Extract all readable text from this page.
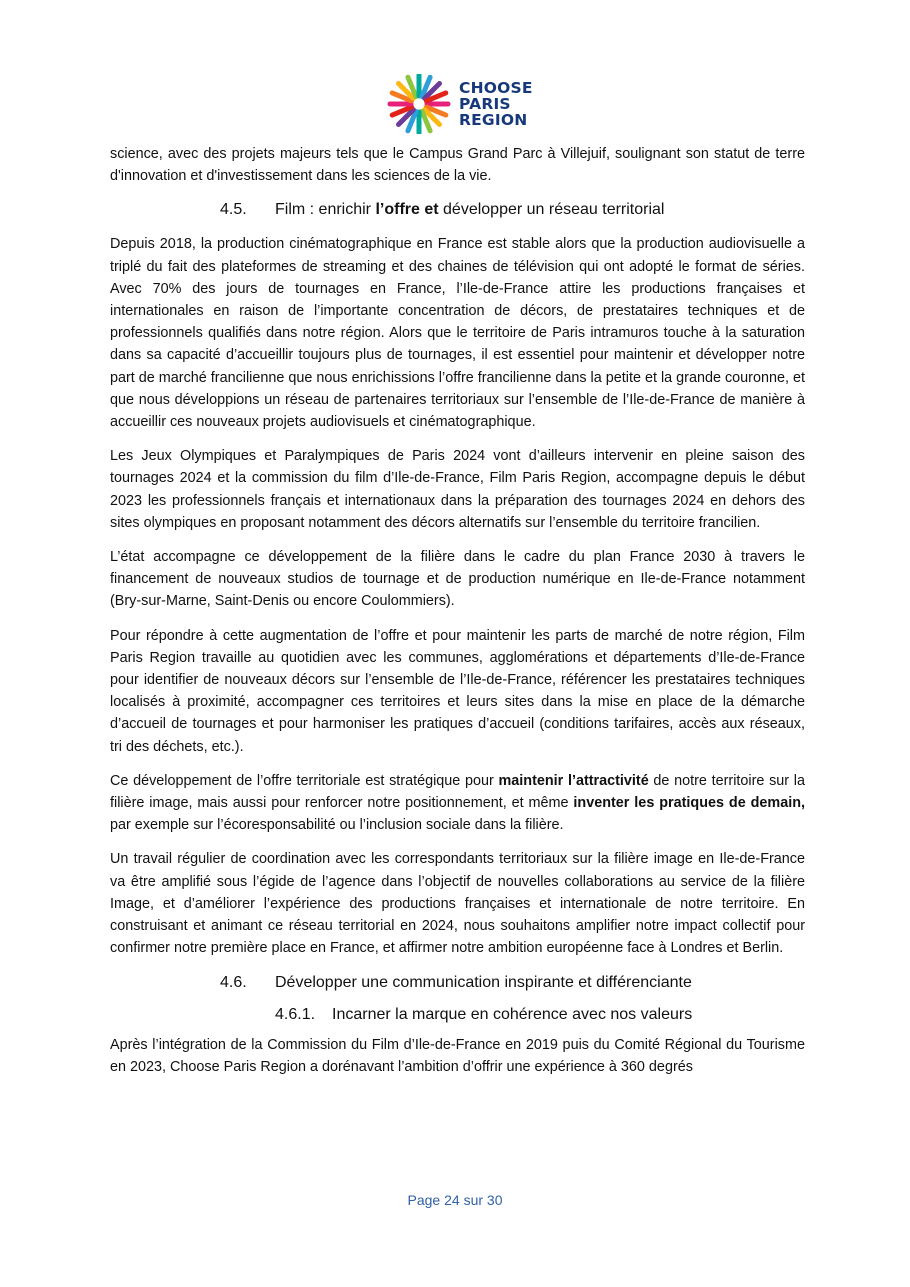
CHOOSE
PARIS
REGION

science, avec des projets majeurs tels que le Campus Grand Parc à Villejuif, soulignant son statut de terre d'innovation et d'investissement dans les sciences de la vie.

4.5. Film : enrichir l’offre et développer un réseau territorial

Depuis 2018, la production cinématographique en France est stable alors que la production audiovisuelle a triplé du fait des plateformes de streaming et des chaines de télévision qui ont adopté le format de séries. Avec 70% des jours de tournages en France, l’Ile-de-France attire les productions françaises et internationales en raison de l’importante concentration de décors, de prestataires techniques et de professionnels qualifiés dans notre région. Alors que le territoire de Paris intramuros touche à la saturation dans sa capacité d’accueillir toujours plus de tournages, il est essentiel pour maintenir et développer notre part de marché francilienne que nous enrichissions l’offre francilienne dans la petite et la grande couronne, et que nous développions un réseau de partenaires territoriaux sur l’ensemble de l’Ile-de-France de manière à accueillir ces nouveaux projets audiovisuels et cinématographique.

Les Jeux Olympiques et Paralympiques de Paris 2024 vont d’ailleurs intervenir en pleine saison des tournages 2024 et la commission du film d’Ile-de-France, Film Paris Region, accompagne depuis le début 2023 les professionnels français et internationaux dans la préparation des tournages 2024 en dehors des sites olympiques en proposant notamment des décors alternatifs sur l’ensemble du territoire francilien.

L’état accompagne ce développement de la filière dans le cadre du plan France 2030 à travers le financement de nouveaux studios de tournage et de production numérique en Ile-de-France notamment (Bry-sur-Marne, Saint-Denis ou encore Coulommiers).

Pour répondre à cette augmentation de l’offre et pour maintenir les parts de marché de notre région, Film Paris Region travaille au quotidien avec les communes, agglomérations et départements d’Ile-de-France pour identifier de nouveaux décors sur l’ensemble de l’Ile-de-France, référencer les prestataires techniques localisés à proximité, accompagner ces territoires et leurs sites dans la mise en place de la démarche d’accueil de tournages et pour harmoniser les pratiques d’accueil (conditions tarifaires, accès aux réseaux, tri des déchets, etc.).

Ce développement de l’offre territoriale est stratégique pour maintenir l’attractivité de notre territoire sur la filière image, mais aussi pour renforcer notre positionnement, et même inventer les pratiques de demain, par exemple sur l’écoresponsabilité ou l’inclusion sociale dans la filière.

Un travail régulier de coordination avec les correspondants territoriaux sur la filière image en Ile-de-France va être amplifié sous l’égide de l’agence dans l’objectif de nouvelles collaborations au service de la filière Image, et d’améliorer l’expérience des productions françaises et internationale de notre territoire. En construisant et animant ce réseau territorial en 2024, nous souhaitons amplifier notre impact collectif pour confirmer notre première place en France, et affirmer notre ambition européenne face à Londres et Berlin.

4.6. Développer une communication inspirante et différenciante
4.6.1. Incarner la marque en cohérence avec nos valeurs

Après l’intégration de la Commission du Film d’Ile-de-France en 2019 puis du Comité Régional du Tourisme en 2023, Choose Paris Region a dorénavant l’ambition d’offrir une expérience à 360 degrés

Page 24 sur 30
